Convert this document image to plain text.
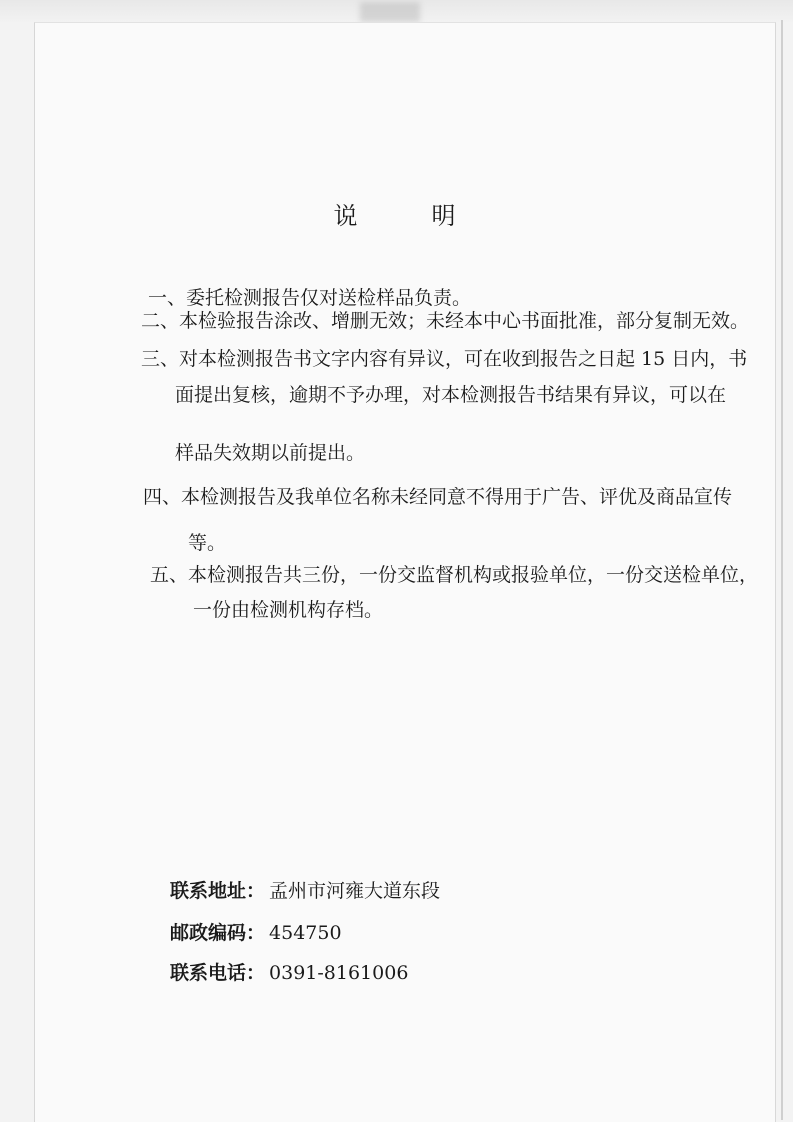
说	明
一、委托检测报告仅对送检样品负责。
二、本检验报告涂改、增删无效；未经本中心书面批准，部分复制无效。
三、对本检测报告书文字内容有异议，可在收到报告之日起 15 日内，书
面提出复核，逾期不予办理，对本检测报告书结果有异议，可以在
样品失效期以前提出。
四、本检测报告及我单位名称未经同意不得用于广告、评优及商品宣传
等。
五、本检测报告共三份，一份交监督机构或报验单位，一份交送检单位，
一份由检测机构存档。
联系地址： 孟州市河雍大道东段
邮政编码： 454750
联系电话： 0391-8161006
